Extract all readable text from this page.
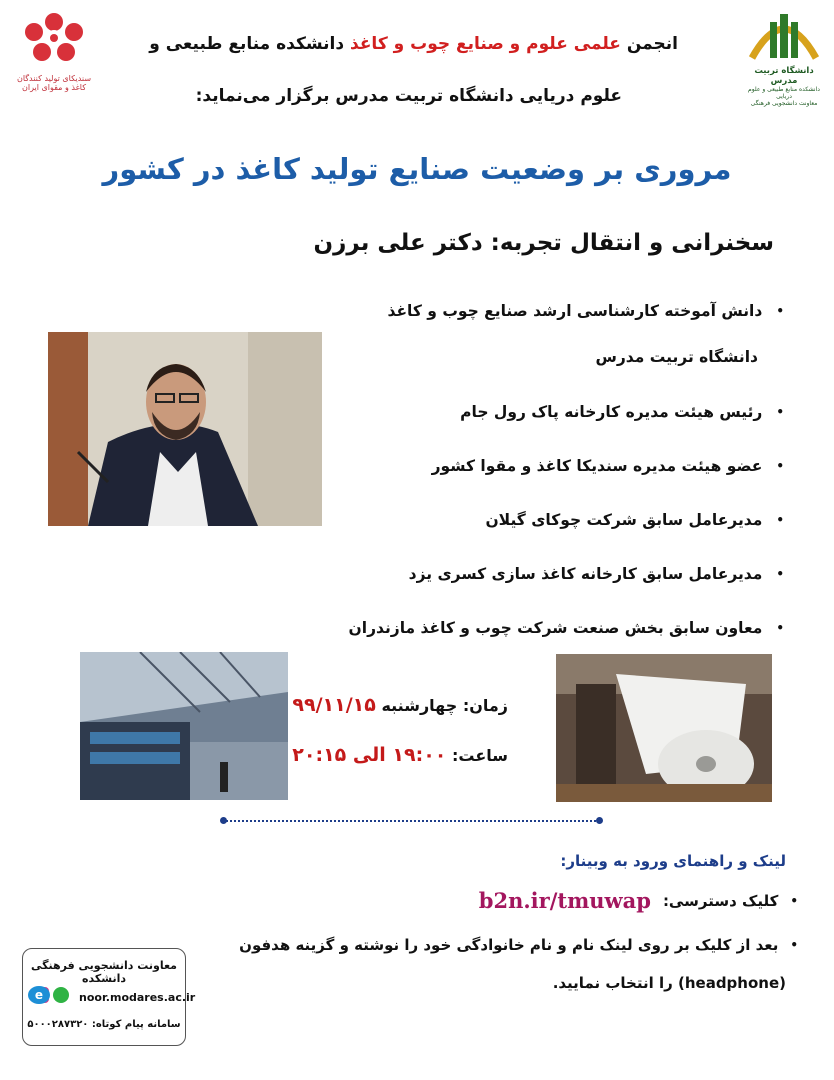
سندیکای تولید کنندگان
کاغذ و مقوای ایران
دانشگاه تربیت مدرس
دانشکده منابع طبیعی و علوم دریایی
معاونت دانشجویی فرهنگی
انجمن علمی علوم و صنایع چوب و کاغذ دانشکده منابع طبیعی و
علوم دریایی دانشگاه تربیت مدرس برگزار می‌نماید:
مروری بر وضعیت صنایع تولید کاغذ در کشور
سخنرانی و انتقال تجربه: دکتر علی برزن
•
دانش آموخته کارشناسی ارشد صنایع چوب و کاغذ
دانشگاه تربیت مدرس
•
رئیس هیئت مدیره کارخانه پاک رول جام
•
عضو هیئت مدیره سندیکا کاغذ و مقوا کشور
•
مدیرعامل سابق شرکت چوکای گیلان
•
مدیرعامل سابق کارخانه کاغذ سازی کسری یزد
•
معاون سابق بخش صنعت شرکت چوب و کاغذ مازندران
زمان: چهارشنبه ۹۹/۱۱/۱۵
ساعت: ۱۹:۰۰ الی ۲۰:۱۵
لینک و راهنمای ورود به وبینار:
•
کلیک دسترسی:
b2n.ir/tmuwap
•
بعد از کلیک بر روی لینک نام و نام خانوادگی خود را نوشته و گزینه هدفون
(headphone) را انتخاب نمایید.
معاونت دانشجویی فرهنگی دانشکده
noor.modares.ac.ir
سامانه پیام کوتاه: ۵۰۰۰۲۸۷۳۲۰
e
